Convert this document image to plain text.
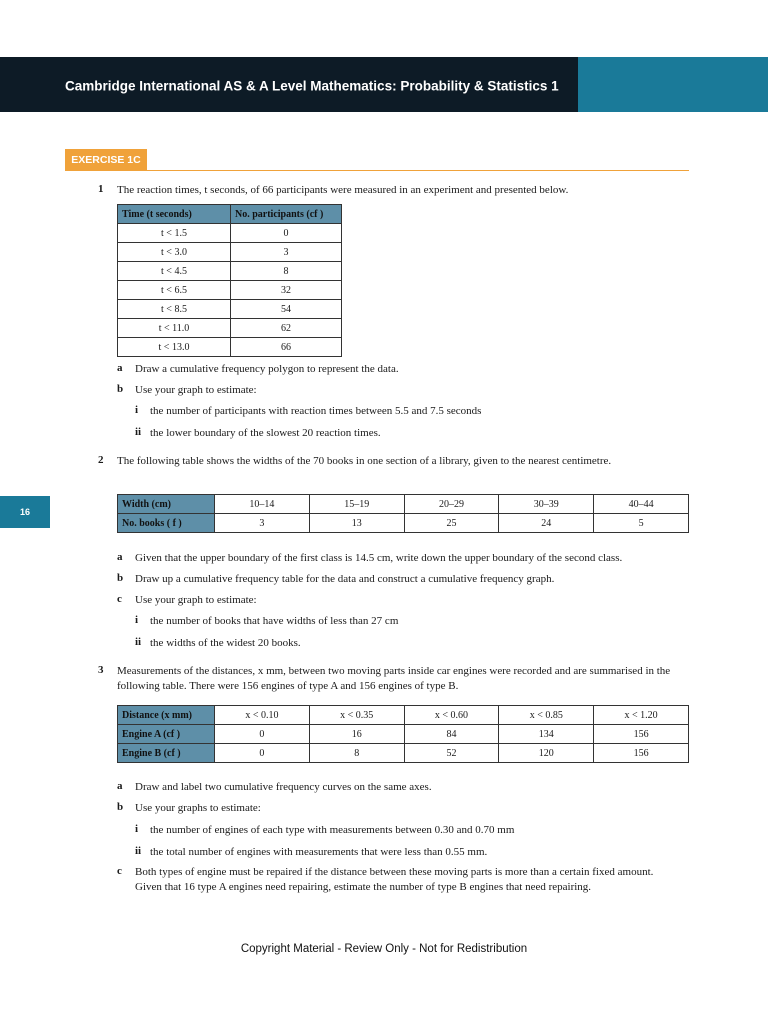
Cambridge International AS & A Level Mathematics: Probability & Statistics 1
16
EXERCISE 1C
1 The reaction times, t seconds, of 66 participants were measured in an experiment and presented below.
Time (t seconds)	No. participants (cf )
t < 1.5	0
t < 3.0	3
t < 4.5	8
t < 6.5	32
t < 8.5	54
t < 11.0	62
t < 13.0	66
a Draw a cumulative frequency polygon to represent the data.
b Use your graph to estimate:
i the number of participants with reaction times between 5.5 and 7.5 seconds
ii the lower boundary of the slowest 20 reaction times.
2 The following table shows the widths of the 70 books in one section of a library, given to the nearest centimetre.
Width (cm)	10–14	15–19	20–29	30–39	40–44
No. books ( f )	3	13	25	24	5
a Given that the upper boundary of the first class is 14.5 cm, write down the upper boundary of the second class.
b Draw up a cumulative frequency table for the data and construct a cumulative frequency graph.
c Use your graph to estimate:
i the number of books that have widths of less than 27 cm
ii the widths of the widest 20 books.
3 Measurements of the distances, x mm, between two moving parts inside car engines were recorded and are summarised in the following table. There were 156 engines of type A and 156 engines of type B.
Distance (x mm)	x < 0.10	x < 0.35	x < 0.60	x < 0.85	x < 1.20
Engine A (cf )	0	16	84	134	156
Engine B (cf )	0	8	52	120	156
a Draw and label two cumulative frequency curves on the same axes.
b Use your graphs to estimate:
i the number of engines of each type with measurements between 0.30 and 0.70 mm
ii the total number of engines with measurements that were less than 0.55 mm.
c Both types of engine must be repaired if the distance between these moving parts is more than a certain fixed amount. Given that 16 type A engines need repairing, estimate the number of type B engines that need repairing.
Copyright Material - Review Only - Not for Redistribution
